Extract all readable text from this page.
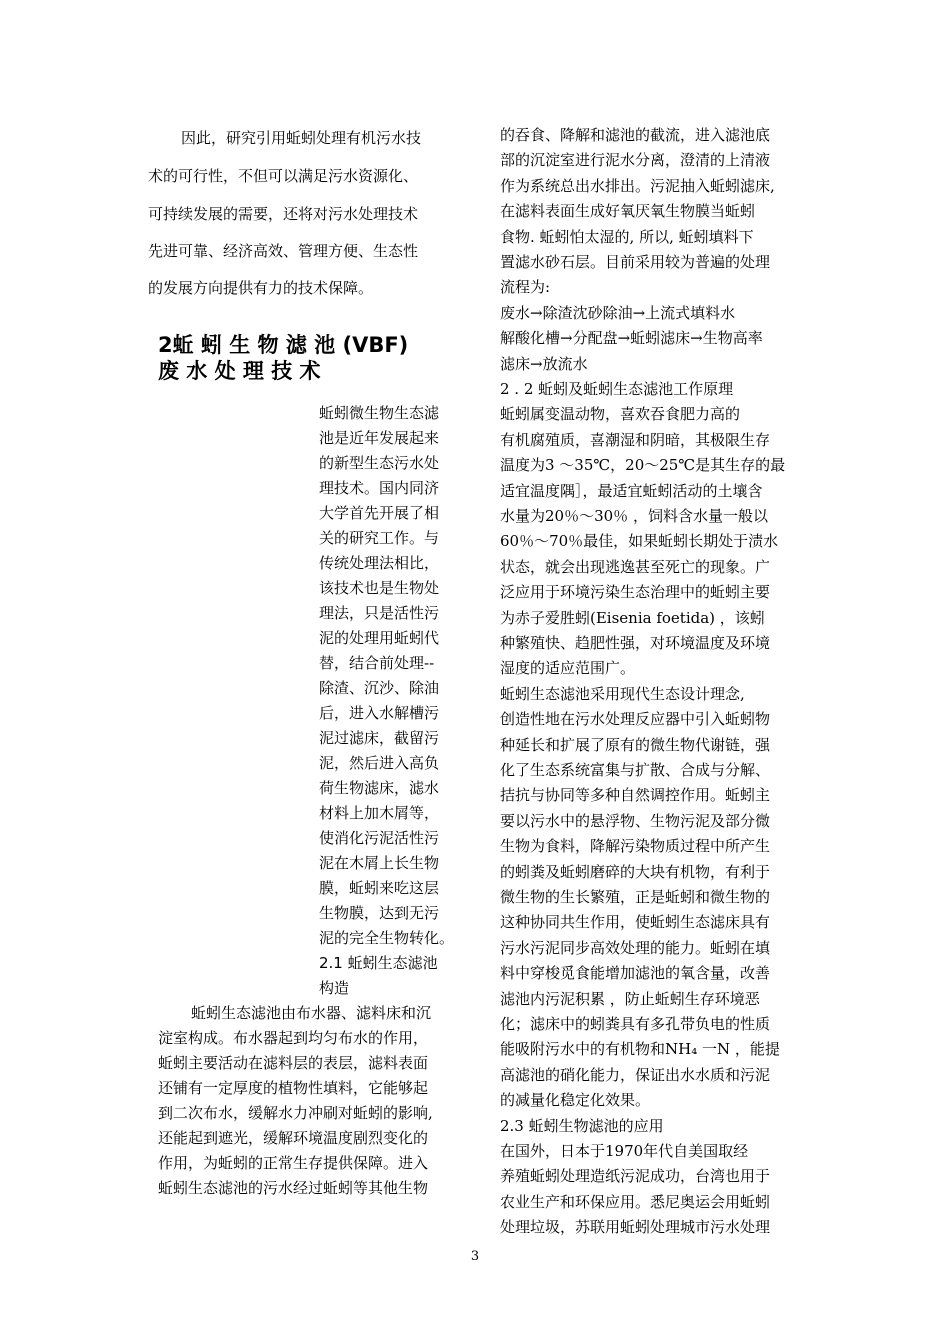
因此，研究引用蚯蚓处理有机污水技
术的可行性，不但可以满足污水资源化、
可持续发展的需要，还将对污水处理技术
先进可靠、经济高效、管理方便、生态性
的发展方向提供有力的技术保障。
2蚯 蚓 生 物 滤 池 (VBF)
废 水 处 理 技 术
蚯蚓微生物生态滤
池是近年发展起来
的新型生态污水处
理技术。国内同济
大学首先开展了相
关的研究工作。与
传统处理法相比，
该技术也是生物处
理法，只是活性污
泥的处理用蚯蚓代
替，结合前处理--
除渣、沉沙、除油
后，进入水解槽污
泥过滤床，截留污
泥，然后进入高负
荷生物滤床，滤水
材料上加木屑等，
使消化污泥活性污
泥在木屑上长生物
膜，蚯蚓来吃这层
生物膜，达到无污
泥的完全生物转化。
2.1 蚯蚓生态滤池
构造
蚯蚓生态滤池由布水器、滤料床和沉
淀室构成。布水器起到均匀布水的作用，
蚯蚓主要活动在滤料层的表层，滤料表面
还铺有一定厚度的植物性填料，它能够起
到二次布水，缓解水力冲刷对蚯蚓的影响,
还能起到遮光，缓解环境温度剧烈变化的
作用，为蚯蚓的正常生存提供保障。进入
蚯蚓生态滤池的污水经过蚯蚓等其他生物
的吞食、降解和滤池的截流，进入滤池底
部的沉淀室进行泥水分离，澄清的上清液
作为系统总出水排出。污泥抽入蚯蚓滤床,
在滤料表面生成好氧厌氧生物膜当蚯蚓
食物. 蚯蚓怕太湿的, 所以, 蚯蚓填料下
置滤水砂石层。目前采用较为普遍的处理
流程为:
废水→除渣沈砂除油→上流式填料水
解酸化槽→分配盘→蚯蚓滤床→生物高率
滤床→放流水
2 . 2 蚯蚓及蚯蚓生态滤池工作原理
蚯蚓属变温动物，喜欢吞食肥力高的
有机腐殖质，喜潮湿和阴暗，其极限生存
温度为3 ～35℃，20～25℃是其生存的最
适宜温度隅］，最适宜蚯蚓活动的土壤含
水量为20％～30％ ，饲料含水量一般以
60％～70％最佳，如果蚯蚓长期处于渍水
状态，就会出现逃逸甚至死亡的现象。广
泛应用于环境污染生态治理中的蚯蚓主要
为赤子爱胜蚓(Eisenia foetida) ，该蚓
种繁殖快、趋肥性强，对环境温度及环境
湿度的适应范围广。
蚯蚓生态滤池采用现代生态设计理念,
创造性地在污水处理反应器中引入蚯蚓物
种延长和扩展了原有的微生物代谢链，强
化了生态系统富集与扩散、合成与分解、
拮抗与协同等多种自然调控作用。蚯蚓主
要以污水中的悬浮物、生物污泥及部分微
生物为食料，降解污染物质过程中所产生
的蚓粪及蚯蚓磨碎的大块有机物，有利于
微生物的生长繁殖，正是蚯蚓和微生物的
这种协同共生作用，使蚯蚓生态滤床具有
污水污泥同步高效处理的能力。蚯蚓在填
料中穿梭觅食能增加滤池的氧含量，改善
滤池内污泥积累 ，防止蚯蚓生存环境恶
化；滤床中的蚓粪具有多孔带负电的性质
能吸附污水中的有机物和NH₄ 一N ，能提
高滤池的硝化能力，保证出水水质和污泥
的减量化稳定化效果。
2.3 蚯蚓生物滤池的应用
在国外，日本于1970年代自美国取经
养殖蚯蚓处理造纸污泥成功，台湾也用于
农业生产和环保应用。悉尼奥运会用蚯蚓
处理垃圾，苏联用蚯蚓处理城市污水处理
3
